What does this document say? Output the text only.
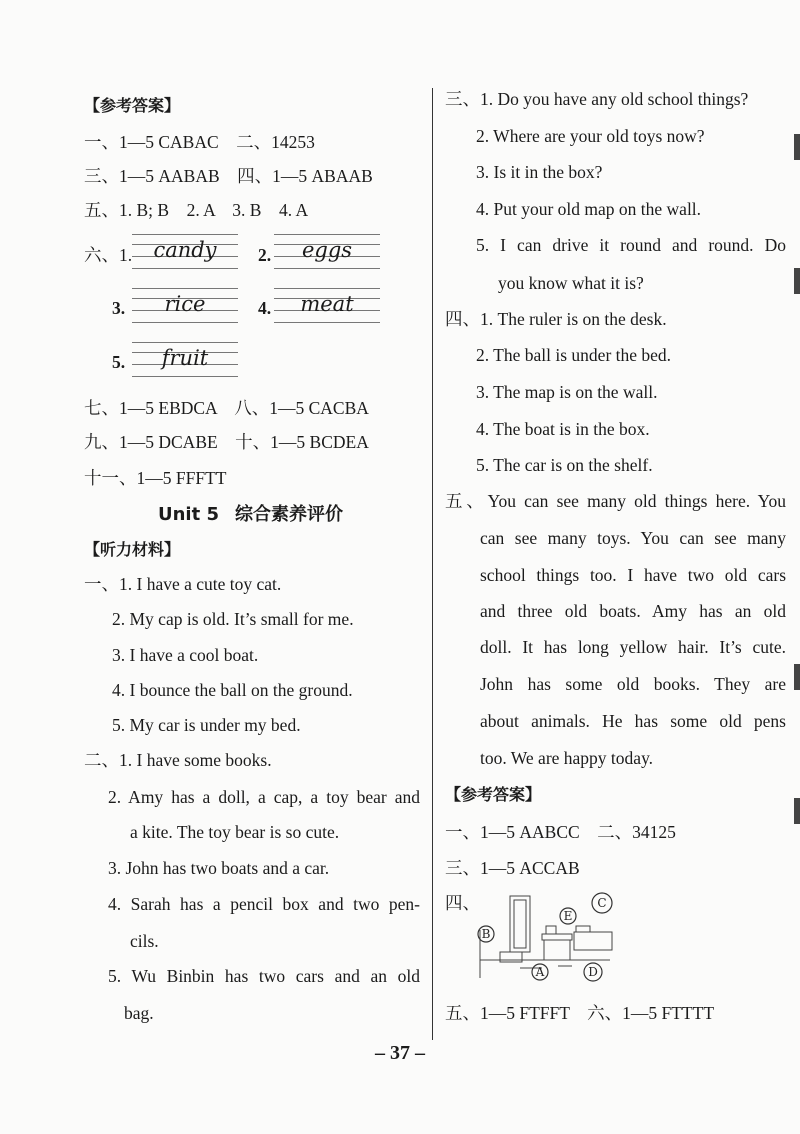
【参考答案】
一、1—5 CABAC　二、14253
三、1—5 AABAB　四、1—5 ABAAB
五、1. B; B　2. A　3. B　4. A
六、1.	candy	2.	eggs
3.	rice	4.	meat
5.	fruit
七、1—5 EBDCA　八、1—5 CACBA
九、1—5 DCABE　十、1—5 BCDEA
十一、1—5 FFFTT
Unit 5 综合素养评价
【听力材料】
一、1. I have a cute toy cat.
2. My cap is old. It’s small for me.
3. I have a cool boat.
4. I bounce the ball on the ground.
5. My car is under my bed.
二、1. I have some books.
2. Amy has a doll, a cap, a toy bear and
a kite. The toy bear is so cute.
3. John has two boats and a car.
4. Sarah has a pencil box and two pen-
cils.
5. Wu Binbin has two cars and an old
bag.
三、1. Do you have any old school things?
2. Where are your old toys now?
3. Is it in the box?
4. Put your old map on the wall.
5. I can drive it round and round. Do
you know what it is?
四、1. The ruler is on the desk.
2. The ball is under the bed.
3. The map is on the wall.
4. The boat is in the box.
5. The car is on the shelf.
五、You can see many old things here. You
can see many toys. You can see many
school things too. I have two old cars
and three old boats. Amy has an old
doll. It has long yellow hair. It’s cute.
John has some old books. They are
about animals. He has some old pens
too. We are happy today.
【参考答案】
一、1—5 AABCC　二、34125
三、1—5 ACCAB
四、
B
E
C
A	D
五、1—5 FTFFT　六、1—5 FTTTT
– 37 –
